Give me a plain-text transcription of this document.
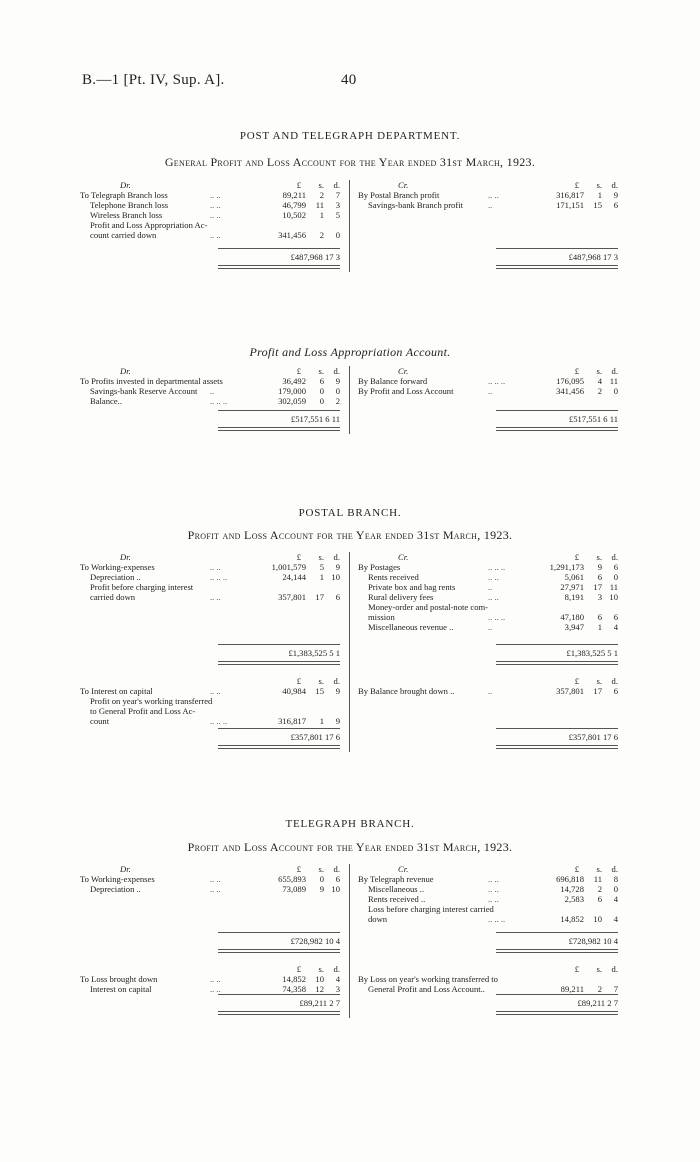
B.—1 [Pt. IV, Sup. A].	40
POST AND TELEGRAPH DEPARTMENT.
General Profit and Loss Account for the Year ended 31st March, 1923.
Dr.	Cr.
£	s.	d.	£	s.	d.
To Telegraph Branch loss	.. ..	89,211	2	7
Telephone Branch loss	.. ..	46,799	11	3
Wireless Branch loss	.. ..	10,502	1	5
Profit and Loss Appropriation Ac-
count carried down	.. ..	341,456	2	0
By Postal Branch profit	.. ..	316,817	1	9
Savings-bank Branch profit	..	171,151	15	6
£487,968 17 3	£487,968 17 3
Profit and Loss Appropriation Account.
Dr.	Cr.
£	s.	d.	£	s.	d.
To Profits invested in departmental assets	36,492	6	9
Savings-bank Reserve Account ..	179,000	0	0
Balance..	.. .. ..	302,059	0	2
By Balance forward	.. .. ..	176,095	4 11
By Profit and Loss Account	..	341,456	2	0
£517,551 6 11	£517,551 6 11
POSTAL BRANCH.
Profit and Loss Account for the Year ended 31st March, 1923.
Dr.	Cr.
£	s.	d.	£	s.	d.
To Working-expenses	.. ..	1,001,579	5	9
Depreciation ..	.. .. ..	24,144	1 10
Profit before charging interest
carried down	.. ..	357,801	17	6
By Postages	.. .. ..	1,291,173	9	6
Rents received	.. ..	5,061	6	0
Private box and bag rents	..	27,971	17 11
Rural delivery fees	.. ..	8,191	3 10
Money-order and postal-note com-
mission	.. .. ..	47,180	6	6
Miscellaneous revenue ..	..	3,947	1	4
£1,383,525 5 1	£1,383,525 5 1
£	s.	d.	£	s.	d.
To Interest on capital	.. ..	40,984	15	9
Profit on year's working transferred
to General Profit and Loss Ac-
count	.. .. ..	316,817	1	9
By Balance brought down ..	..	357,801	17	6
£357,801 17 6	£357,801 17 6
TELEGRAPH BRANCH.
Profit and Loss Account for the Year ended 31st March, 1923.
Dr.	Cr.
£	s.	d.	£	s.	d.
To Working-expenses	.. ..	655,893	0	6
Depreciation ..	.. ..	73,089	9 10
By Telegraph revenue	.. ..	696,818	11	8
Miscellaneous ..	.. ..	14,728	2	0
Rents received ..	.. ..	2,583	6	4
Loss before charging interest carried
down	.. .. ..	14,852	10	4
£728,982 10 4	£728,982 10 4
£	s.	d.	£	s.	d.
To Loss brought down	.. ..	14,852	10	4
Interest on capital	.. ..	74,358	12	3
By Loss on year's working transferred to
General Profit and Loss Account..	89,211	2	7
£89,211 2 7	£89,211 2 7
